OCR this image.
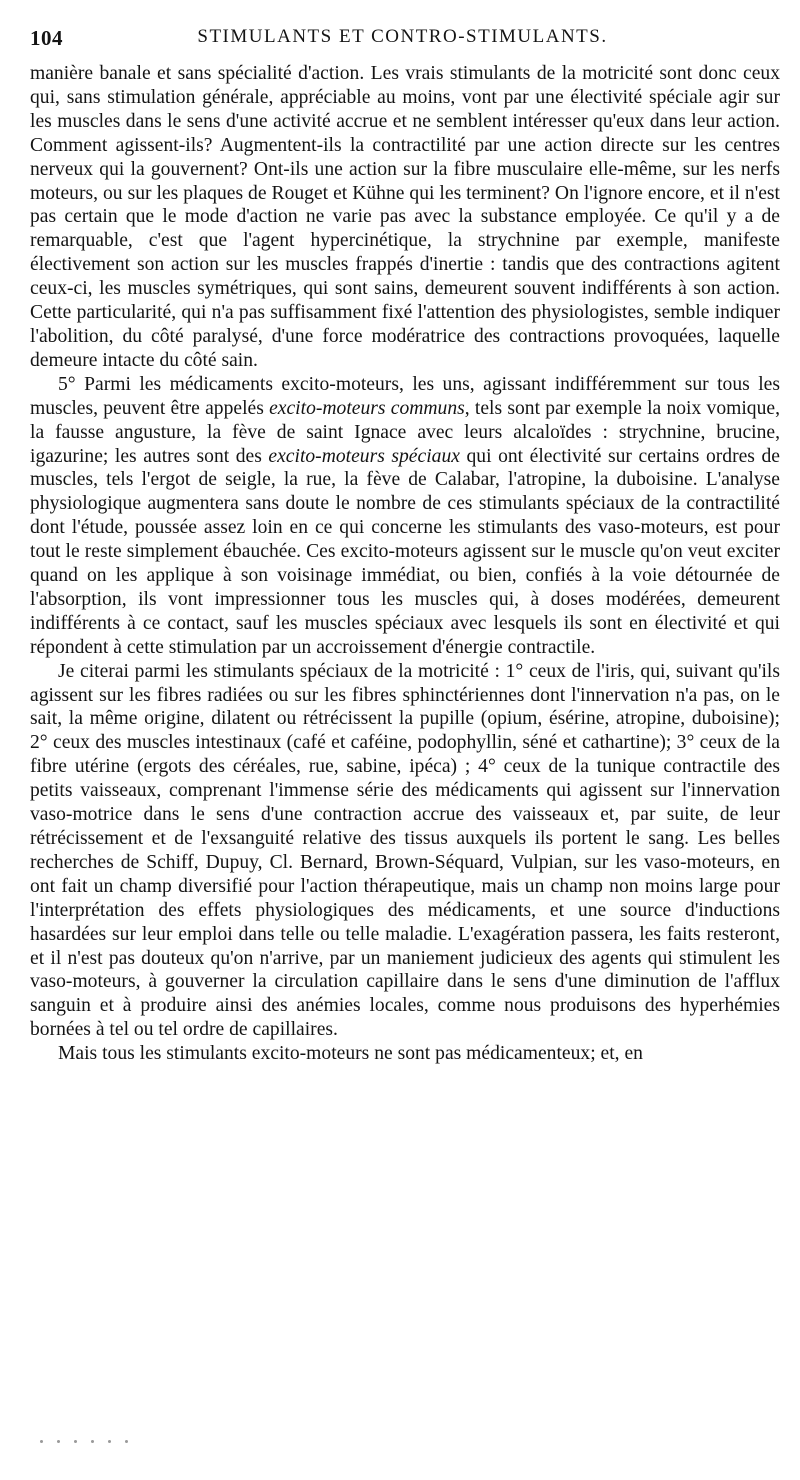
104	STIMULANTS ET CONTRO-STIMULANTS.

manière banale et sans spécialité d'action. Les vrais stimulants de la motricité sont donc ceux qui, sans stimulation générale, appréciable au moins, vont par une électivité spéciale agir sur les muscles dans le sens d'une activité accrue et ne semblent intéresser qu'eux dans leur action. Comment agissent-ils? Augmentent-ils la contractilité par une action directe sur les centres nerveux qui la gouvernent? Ont-ils une action sur la fibre musculaire elle-même, sur les nerfs moteurs, ou sur les plaques de Rouget et Kühne qui les terminent? On l'ignore encore, et il n'est pas certain que le mode d'action ne varie pas avec la substance employée. Ce qu'il y a de remarquable, c'est que l'agent hypercinétique, la strychnine par exemple, manifeste électivement son action sur les muscles frappés d'inertie : tandis que des contractions agitent ceux-ci, les muscles symétriques, qui sont sains, demeurent souvent indifférents à son action. Cette particularité, qui n'a pas suffisamment fixé l'attention des physiologistes, semble indiquer l'abolition, du côté paralysé, d'une force modératrice des contractions provoquées, laquelle demeure intacte du côté sain.

5° Parmi les médicaments excito-moteurs, les uns, agissant indifféremment sur tous les muscles, peuvent être appelés excito-moteurs communs, tels sont par exemple la noix vomique, la fausse angusture, la fève de saint Ignace avec leurs alcaloïdes : strychnine, brucine, igazurine; les autres sont des excito-moteurs spéciaux qui ont électivité sur certains ordres de muscles, tels l'ergot de seigle, la rue, la fève de Calabar, l'atropine, la duboisine. L'analyse physiologique augmentera sans doute le nombre de ces stimulants spéciaux de la contractilité dont l'étude, poussée assez loin en ce qui concerne les stimulants des vaso-moteurs, est pour tout le reste simplement ébauchée. Ces excito-moteurs agissent sur le muscle qu'on veut exciter quand on les applique à son voisinage immédiat, ou bien, confiés à la voie détournée de l'absorption, ils vont impressionner tous les muscles qui, à doses modérées, demeurent indifférents à ce contact, sauf les muscles spéciaux avec lesquels ils sont en électivité et qui répondent à cette stimulation par un accroissement d'énergie contractile.

Je citerai parmi les stimulants spéciaux de la motricité : 1° ceux de l'iris, qui, suivant qu'ils agissent sur les fibres radiées ou sur les fibres sphinctériennes dont l'innervation n'a pas, on le sait, la même origine, dilatent ou rétrécissent la pupille (opium, ésérine, atropine, duboisine); 2° ceux des muscles intestinaux (café et caféine, podophyllin, séné et cathartine); 3° ceux de la fibre utérine (ergots des céréales, rue, sabine, ipéca) ; 4° ceux de la tunique contractile des petits vaisseaux, comprenant l'immense série des médicaments qui agissent sur l'innervation vaso-motrice dans le sens d'une contraction accrue des vaisseaux et, par suite, de leur rétrécissement et de l'exsanguité relative des tissus auxquels ils portent le sang. Les belles recherches de Schiff, Dupuy, Cl. Bernard, Brown-Séquard, Vulpian, sur les vaso-moteurs, en ont fait un champ diversifié pour l'action thérapeutique, mais un champ non moins large pour l'interprétation des effets physiologiques des médicaments, et une source d'inductions hasardées sur leur emploi dans telle ou telle maladie. L'exagération passera, les faits resteront, et il n'est pas douteux qu'on n'arrive, par un maniement judicieux des agents qui stimulent les vaso-moteurs, à gouverner la circulation capillaire dans le sens d'une diminution de l'afflux sanguin et à produire ainsi des anémies locales, comme nous produisons des hyperhémies bornées à tel ou tel ordre de capillaires.

Mais tous les stimulants excito-moteurs ne sont pas médicamenteux; et, en
